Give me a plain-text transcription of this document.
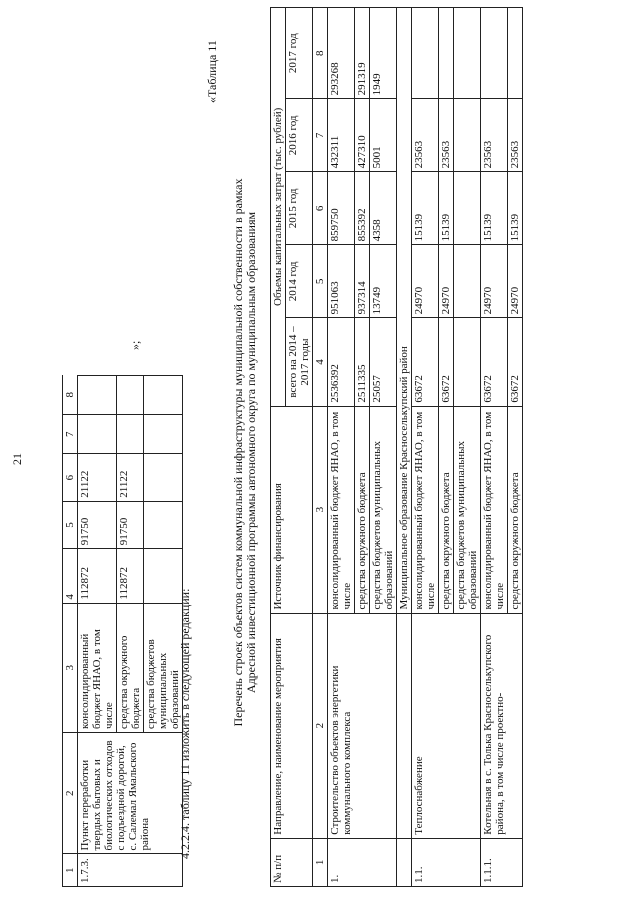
21
1	2	3	4	5	6	7	8
1.7.3.	Пункт переработки твердых бытовых и биологических отходов с подъездной дорогой, с. Салемал Ямальского района	консолидированный бюджет ЯНАО, в том числе	112872	91750	21122		
		средства окружного бюджета	112872	91750	21122		
		средства бюджетов муниципальных образований					
»;
4.2.2.4. таблицу 11 изложить в следующей редакции:
«Таблица 11
Перечень строек объектов систем коммунальной инфраструктуры муниципальной собственности в рамках Адресной инвестиционной программы автономного округа по муниципальным образованиям
№ п/п	Направление, наименование мероприятия	Источник финансирования	Объемы капитальных затрат (тыс. рублей)				
			всего на 2014 –2017 годы	2014 год	2015 год	2016 год	2017 год
1	2	3	4	5	6	7	8
1.	Строительство объектов энергетики коммунального комплекса	консолидированный бюджет ЯНАО, в том числе	2536392	951063	859750	432311	293268
		средства окружного бюджета	2511335	937314	855392	427310	291319
		средства бюджетов муниципальных образований	25057	13749	4358	5001	1949
		Муниципальное образование Красноселькупский район					
1.1.	Теплоснабжение	консолидированный бюджет ЯНАО, в том числе	63672	24970	15139	23563	
		средства окружного бюджета	63672	24970	15139	23563	
		средства бюджетов муниципальных образований					
1.1.1.	Котельная в с. Толька Красноселькупского района, в том числе проектно-	консолидированный бюджет ЯНАО, в том числе	63672	24970	15139	23563	
		средства окружного бюджета	63672	24970	15139	23563	
